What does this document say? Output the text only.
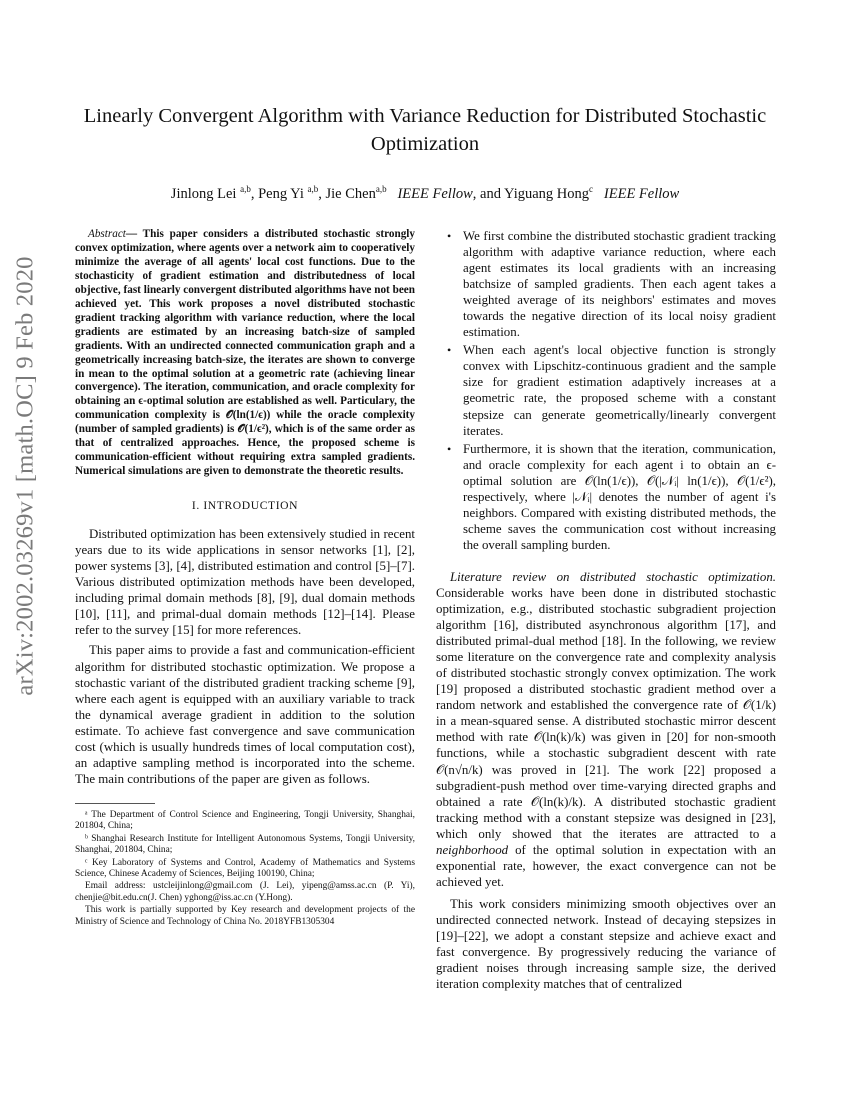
arXiv:2002.03269v1 [math.OC] 9 Feb 2020
Linearly Convergent Algorithm with Variance Reduction for Distributed Stochastic Optimization
Jinlong Lei $^{a,b}$, Peng Yi $^{a,b}$, Jie Chen$^{a,b}$ IEEE Fellow, and Yiguang Hong$^c$ IEEE Fellow

Abstract— This paper considers a distributed stochastic strongly convex optimization, where agents over a network aim to cooperatively minimize the average of all agents' local cost functions. Due to the stochasticity of gradient estimation and distributedness of local objective, fast linearly convergent distributed algorithms have not been achieved yet. This work proposes a novel distributed stochastic gradient tracking algorithm with variance reduction, where the local gradients are estimated by an increasing batch-size of sampled gradients. With an undirected connected communication graph and a geometrically increasing batch-size, the iterates are shown to converge in mean to the optimal solution at a geometric rate (achieving linear convergence). The iteration, communication, and oracle complexity for obtaining an ϵ-optimal solution are established as well. Particulary, the communication complexity is 𝒪(ln(1/ϵ)) while the oracle complexity (number of sampled gradients) is 𝒪(1/ϵ²), which is of the same order as that of centralized approaches. Hence, the proposed scheme is communication-efficient without requiring extra sampled gradients. Numerical simulations are given to demonstrate the theoretic results.

I. INTRODUCTION

Distributed optimization has been extensively studied in recent years due to its wide applications in sensor networks [1], [2], power systems [3], [4], distributed estimation and control [5]–[7]. Various distributed optimization methods have been developed, including primal domain methods [8], [9], dual domain methods [10], [11], and primal-dual domain methods [12]–[14]. Please refer to the survey [15] for more references.

This paper aims to provide a fast and communication-efficient algorithm for distributed stochastic optimization. We propose a stochastic variant of the distributed gradient tracking scheme [9], where each agent is equipped with an auxiliary variable to track the dynamical average gradient in addition to the solution estimate. To achieve fast convergence and save communication cost (which is usually hundreds times of local computation cost), an adaptive sampling method is incorporated into the scheme. The main contributions of the paper are given as follows.

ᵃ The Department of Control Science and Engineering, Tongji University, Shanghai, 201804, China;

ᵇ Shanghai Research Institute for Intelligent Autonomous Systems, Tongji University, Shanghai, 201804, China;

ᶜ Key Laboratory of Systems and Control, Academy of Mathematics and Systems Science, Chinese Academy of Sciences, Beijing 100190, China;

Email address: ustcleijinlong@gmail.com (J. Lei), yipeng@amss.ac.cn (P. Yi), chenjie@bit.edu.cn(J. Chen) yghong@iss.ac.cn (Y.Hong).

This work is partially supported by Key research and development projects of the Ministry of Science and Technology of China No. 2018YFB1305304

• We first combine the distributed stochastic gradient tracking algorithm with adaptive variance reduction, where each agent estimates its local gradients with an increasing batchsize of sampled gradients. Then each agent takes a weighted average of its neighbors' estimates and moves towards the negative direction of its local noisy gradient estimation.
• When each agent's local objective function is strongly convex with Lipschitz-continuous gradient and the sample size for gradient estimation adaptively increases at a geometric rate, the proposed scheme with a constant stepsize can generate geometrically/linearly convergent iterates.
• Furthermore, it is shown that the iteration, communication, and oracle complexity for each agent i to obtain an ϵ-optimal solution are 𝒪(ln(1/ϵ)), 𝒪(|𝒩ᵢ| ln(1/ϵ)), 𝒪(1/ϵ²), respectively, where |𝒩ᵢ| denotes the number of agent i's neighbors. Compared with existing distributed methods, the scheme saves the communication cost without increasing the overall sampling burden.

Literature review on distributed stochastic optimization. Considerable works have been done in distributed stochastic optimization, e.g., distributed stochastic subgradient projection algorithm [16], distributed asynchronous algorithm [17], and distributed primal-dual method [18]. In the following, we review some literature on the convergence rate and complexity analysis of distributed stochastic strongly convex optimization. The work [19] proposed a distributed stochastic gradient method over a random network and established the convergence rate of 𝒪(1/k) in a mean-squared sense. A distributed stochastic mirror descent method with rate 𝒪(ln(k)/k) was given in [20] for non-smooth functions, while a stochastic subgradient descent with rate 𝒪(n√n/k) was proved in [21]. The work [22] proposed a subgradient-push method over time-varying directed graphs and obtained a rate 𝒪(ln(k)/k). A distributed stochastic gradient tracking method with a constant stepsize was designed in [23], which only showed that the iterates are attracted to a neighborhood of the optimal solution in expectation with an exponential rate, however, the exact convergence can not be achieved yet.

This work considers minimizing smooth objectives over an undirected connected network. Instead of decaying stepsizes in [19]–[22], we adopt a constant stepsize and achieve exact and fast convergence. By progressively reducing the variance of gradient noises through increasing sample size, the derived iteration complexity matches that of centralized
